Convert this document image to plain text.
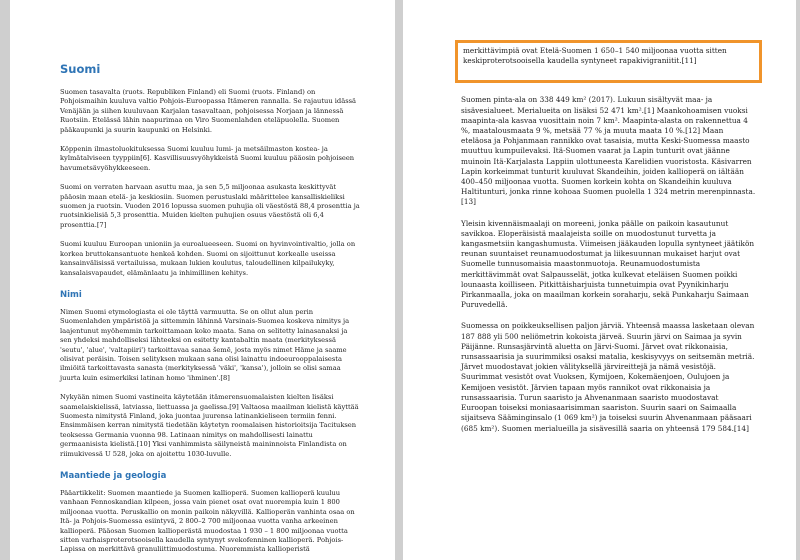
Suomi

Suomen tasavalta (ruots. Republiken Finland) eli Suomi (ruots. Finland) on Pohjoismaihin kuuluva valtio Pohjois-Euroopassa Itämeren rannalla. Se rajautuu idässä Venäjään ja siihen kuuluvaan Karjalan tasavaltaan, pohjoisessa Norjaan ja lännessä Ruotsiin. Etelässä lähin naapurimaa on Viro Suomenlahden eteläpuolella. Suomen pääkaupunki ja suurin kaupunki on Helsinki.

Köppenin ilmastoluokituksessa Suomi kuuluu lumi- ja metsäilmaston kostea- ja kylmätalviseen tyyppiin[6]. Kasvillisuusvyöhykkeistä Suomi kuuluu pääosin pohjoiseen havumetsävyöhykkeeseen.

Suomi on verraten harvaan asuttu maa, ja sen 5,5 miljoonaa asukasta keskittyvät pääosin maan etelä- ja keskiosiin. Suomen perustuslaki määrittelee kansalliskieliksi suomen ja ruotsin. Vuoden 2016 lopussa suomen puhujia oli väestöstä 88,4 prosenttia ja ruotsinkielisiä 5,3 prosenttia. Muiden kielten puhujien osuus väestöstä oli 6,4 prosenttia.[7]

Suomi kuuluu Euroopan unioniin ja euroalueeseen. Suomi on hyvinvointivaltio, jolla on korkea bruttokansantuote henkeä kohden. Suomi on sijoittunut korkealle useissa kansainvälisissä vertailuissa, mukaan lukien koulutus, taloudellinen kilpailukyky, kansalaisvapaudet, elämänlaatu ja inhimillinen kehitys.

Nimi

Nimen Suomi etymologiasta ei ole täyttä varmuutta. Se on ollut alun perin Suomenlahden ympäristöä ja sittemmin lähinnä Varsinais-Suomea koskeva nimitys ja laajentunut myöhemmin tarkoittamaan koko maata. Sana on selitetty lainasanaksi ja sen yhdeksi mahdolliseksi lähteeksi on esitetty kantabaltin maata (merkityksessä 'seutu', 'alue', 'valtapiiri') tarkoittavaa sanaa šemē, josta myös nimet Häme ja saame olisivat peräisin. Toisen selityksen mukaan sana olisi lainattu indoeurooppalaisesta ilmiöitä tarkoittavasta sanasta (merkityksessä 'väki', 'kansa'), jolloin se olisi samaa juurta kuin esimerkiksi latinan homo 'ihminen'.[8]

Nykyään nimen Suomi vastineita käytetään itämerensuomalaisten kielten lisäksi saamelaiskielissä, latviassa, liettuassa ja gaelissa.[9] Valtaosa maailman kielistä käyttää Suomesta nimitystä Finland, joka juontaa juurensa latinankieliseen termiin fenni. Ensimmäisen kerran nimitystä tiedetään käytetyn roomalaisen historioitsija Tacituksen teoksessa Germania vuonna 98. Latinaan nimitys on mahdollisesti lainattu germaanisista kielistä.[10] Yksi vanhimmista säilyneistä maininnoista Finlandista on riimukivessä U 528, joka on ajoitettu 1030-luvulle.

Maantiede ja geologia

Pääartikkelit: Suomen maantiede ja Suomen kallioperä. Suomen kallioperä kuuluu vanhaan Fennoskandian kilpeen, jossa vain pienet osat ovat nuorempia kuin 1 800 miljoonaa vuotta. Peruskallio on monin paikoin näkyvillä. Kallioperän vanhinta osaa on Itä- ja Pohjois-Suomessa esiintyvä, 2 800–2 700 miljoonaa vuotta vanha arkeeinen kallioperä. Pääosan Suomen kallioperästä muodostaa 1 930 – 1 800 miljoonaa vuotta sitten varhaisproterotsooisella kaudella syntynyt svekofenninen kallioperä. Pohjois-Lapissa on merkittävä granuliittimuodostuma. Nuoremmista kallioperistä

merkittävimpiä ovat Etelä-Suomen 1 650–1 540 miljoonaa vuotta sitten keskiproterotsooisella kaudella syntyneet rapakivigraniitit.[11]

Suomen pinta-ala on 338 449 km² (2017). Lukuun sisältyvät maa- ja sisävesialueet. Merialueita on lisäksi 52 471 km².[1] Maankohoamisen vuoksi maapinta-ala kasvaa vuosittain noin 7 km². Maapinta-alasta on rakennettua 4 %, maatalousmaata 9 %, metsää 77 % ja muuta maata 10 %.[12] Maan eteläosa ja Pohjanmaan rannikko ovat tasaisia, mutta Keski-Suomessa maasto muuttuu kumpuilevaksi. Itä-Suomen vaarat ja Lapin tunturit ovat jäänne muinoin Itä-Karjalasta Lappiin ulottuneesta Karelidien vuoristosta. Käsivarren Lapin korkeimmat tunturit kuuluvat Skandeihin, joiden kallioperä on iältään 400–450 miljoonaa vuotta. Suomen korkein kohta on Skandeihin kuuluva Haltitunturi, jonka rinne kohoaa Suomen puolella 1 324 metrin merenpinnasta.[13]

Yleisin kivennäismaalaji on moreeni, jonka päälle on paikoin kasautunut savikkoa. Eloperäisistä maalajeista soille on muodostunut turvetta ja kangasmetsiin kangashumusta. Viimeisen jääkauden lopulla syntyneet jäätikön reunan suuntaiset reunamuodostumat ja liikesuunnan mukaiset harjut ovat Suomelle tunnusomaisia maastonmuotoja. Reunamuodostumista merkittävimmät ovat Salpausselät, jotka kulkevat eteläisen Suomen poikki lounaasta koilliseen. Pitkittäisharjuista tunnetuimpia ovat Pyynikinharju Pirkanmaalla, joka on maailman korkein soraharju, sekä Punkaharju Saimaan Puruvedellä.

Suomessa on poikkeuksellisen paljon järviä. Yhteensä maassa lasketaan olevan 187 888 yli 500 neliömetrin kokoista järveä. Suurin järvi on Saimaa ja syvin Päijänne. Runsasjärvintä aluetta on Järvi-Suomi. Järvet ovat rikkonaisia, runsassaarisia ja suurimmiksi osaksi matalia, keskisyvyys on seitsemän metriä. Järvet muodostavat jokien välityksellä järvireittejä ja nämä vesistöjä. Suurimmat vesistöt ovat Vuoksen, Kymijoen, Kokemäenjoen, Oulujoen ja Kemijoen vesistöt. Järvien tapaan myös rannikot ovat rikkonaisia ja runsassaarisia. Turun saaristo ja Ahvenanmaan saaristo muodostavat Euroopan toiseksi moniasaarisimman saariston. Suurin saari on Saimaalla sijaitseva Sääminginsalo (1 069 km²) ja toiseksi suurin Ahvenanmaan pääsaari (685 km²). Suomen merialueilla ja sisävesillä saaria on yhteensä 179 584.[14]
